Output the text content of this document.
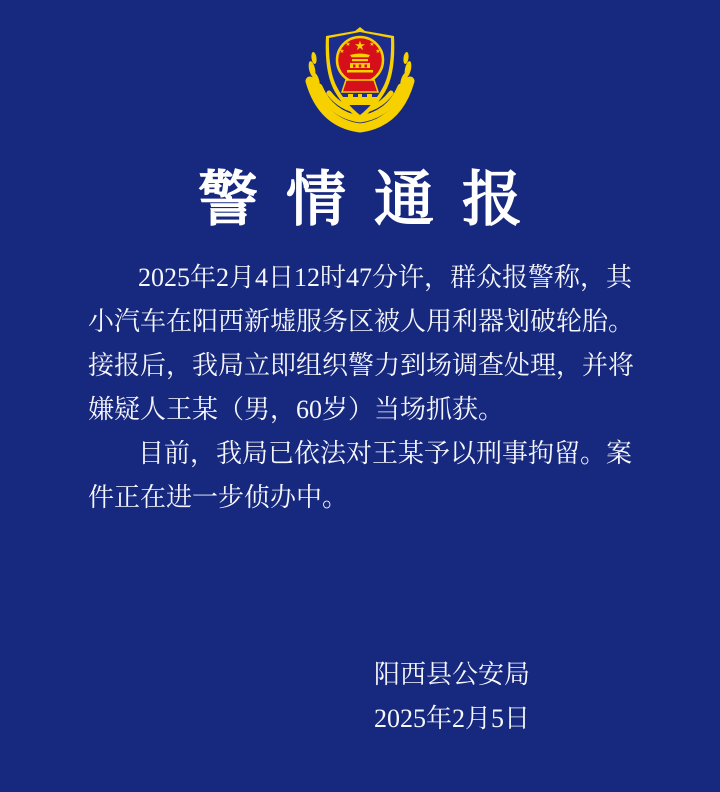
★
★
★
★
★
警情通报
2025年2月4日12时47分许，群众报警称，其
小汽车在阳西新墟服务区被人用利器划破轮胎。
接报后，我局立即组织警力到场调查处理，并将
嫌疑人王某（男，60岁）当场抓获。
目前，我局已依法对王某予以刑事拘留。案
件正在进一步侦办中。
阳西县公安局
2025年2月5日
